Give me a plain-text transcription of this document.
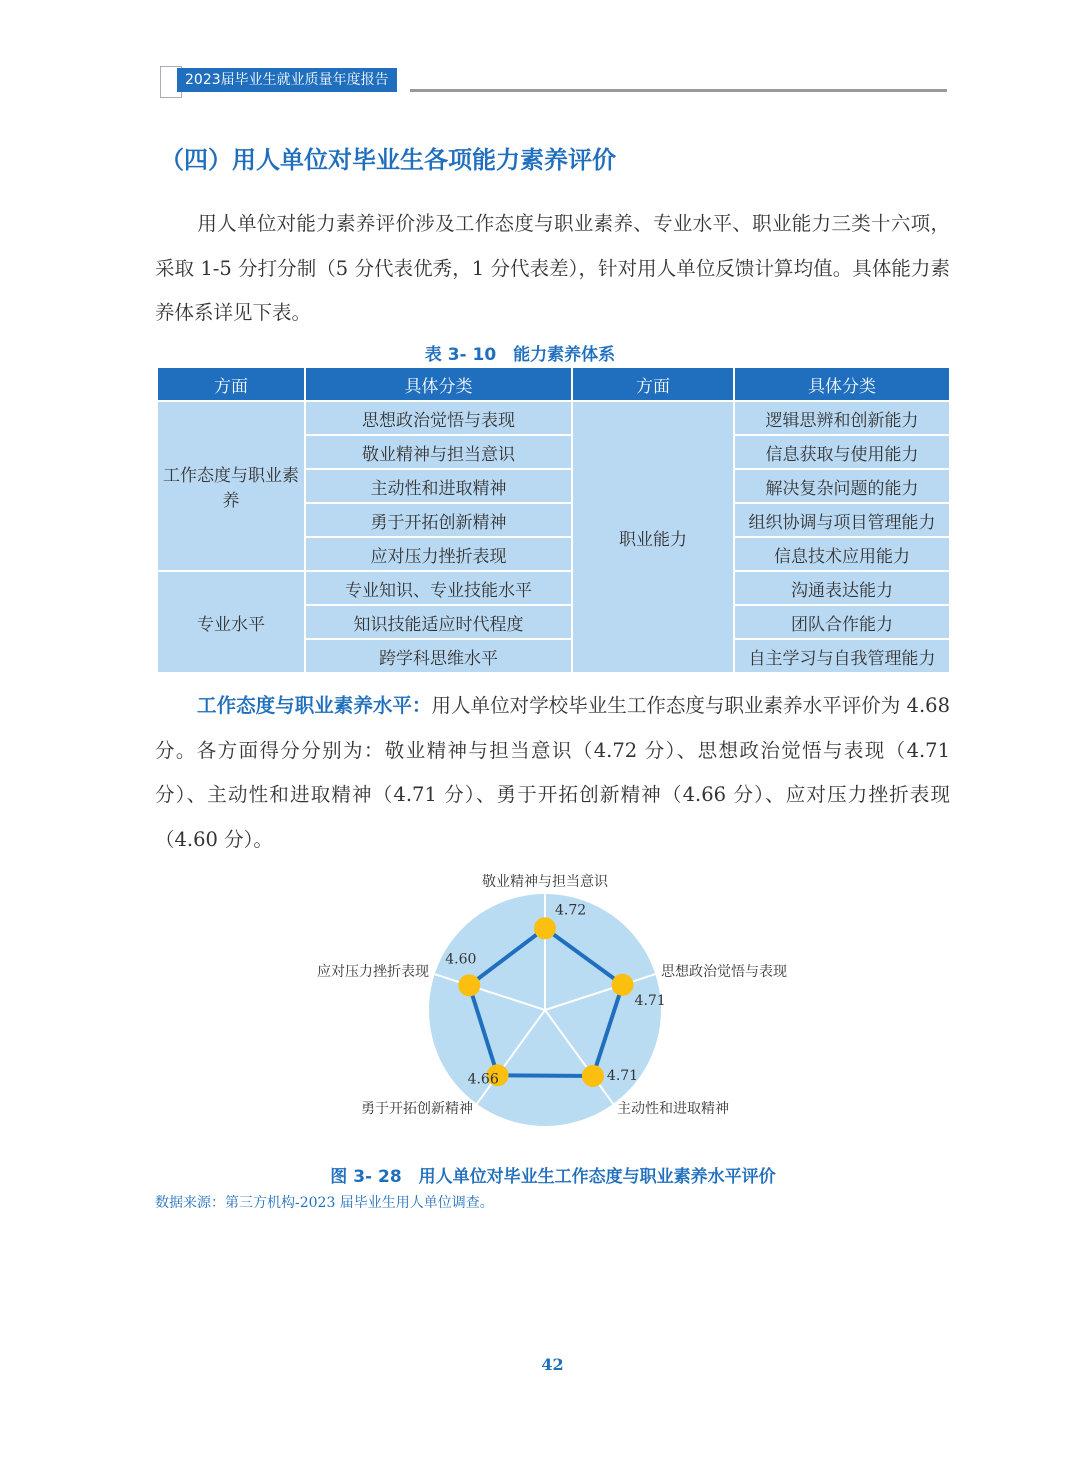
2023届毕业生就业质量年度报告
（四）用人单位对毕业生各项能力素养评价
用人单位对能力素养评价涉及工作态度与职业素养、专业水平、职业能力三类十六项，采取 1-5 分打分制（5 分代表优秀，1 分代表差），针对用人单位反馈计算均值。具体能力素养体系详见下表。
表 3- 10　能力素养体系
方面	具体分类	方面	具体分类
工作态度与职业素养	思想政治觉悟与表现	职业能力	逻辑思辨和创新能力
	敬业精神与担当意识		信息获取与使用能力
	主动性和进取精神		解决复杂问题的能力
	勇于开拓创新精神		组织协调与项目管理能力
	应对压力挫折表现		信息技术应用能力
专业水平	专业知识、专业技能水平		沟通表达能力
	知识技能适应时代程度		团队合作能力
	跨学科思维水平		自主学习与自我管理能力
工作态度与职业素养水平：用人单位对学校毕业生工作态度与职业素养水平评价为 4.68 分。各方面得分分别为：敬业精神与担当意识（4.72 分）、思想政治觉悟与表现（4.71 分）、主动性和进取精神（4.71 分）、勇于开拓创新精神（4.66 分）、应对压力挫折表现（4.60 分）。
4.72
敬业精神与担当意识
4.71
思想政治觉悟与表现
4.71
主动性和进取精神
4.66
勇于开拓创新精神
4.60
应对压力挫折表现
图 3- 28　用人单位对毕业生工作态度与职业素养水平评价
数据来源：第三方机构-2023 届毕业生用人单位调查。
42
